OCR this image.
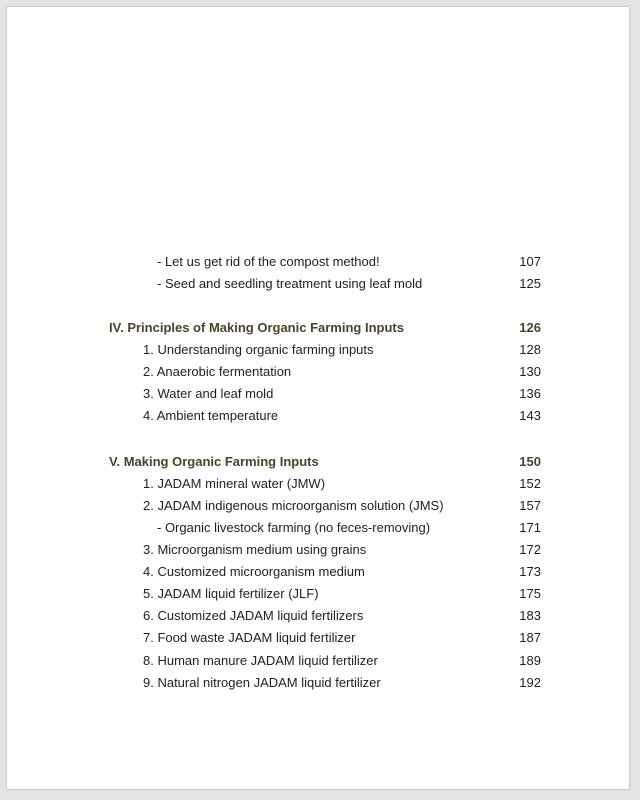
- Let us get rid of the compost method!	107
- Seed and seedling treatment using leaf mold	125
IV. Principles of Making Organic Farming Inputs	126
1. Understanding organic farming inputs	128
2. Anaerobic fermentation	130
3. Water and leaf mold	136
4. Ambient temperature	143
V. Making Organic Farming Inputs	150
1. JADAM mineral water (JMW)	152
2. JADAM indigenous microorganism solution (JMS)	157
- Organic livestock farming (no feces-removing)	171
3. Microorganism medium using grains	172
4. Customized microorganism medium	173
5. JADAM liquid fertilizer (JLF)	175
6. Customized JADAM liquid fertilizers	183
7. Food waste JADAM liquid fertilizer	187
8. Human manure JADAM liquid fertilizer	189
9. Natural nitrogen JADAM liquid fertilizer	192
